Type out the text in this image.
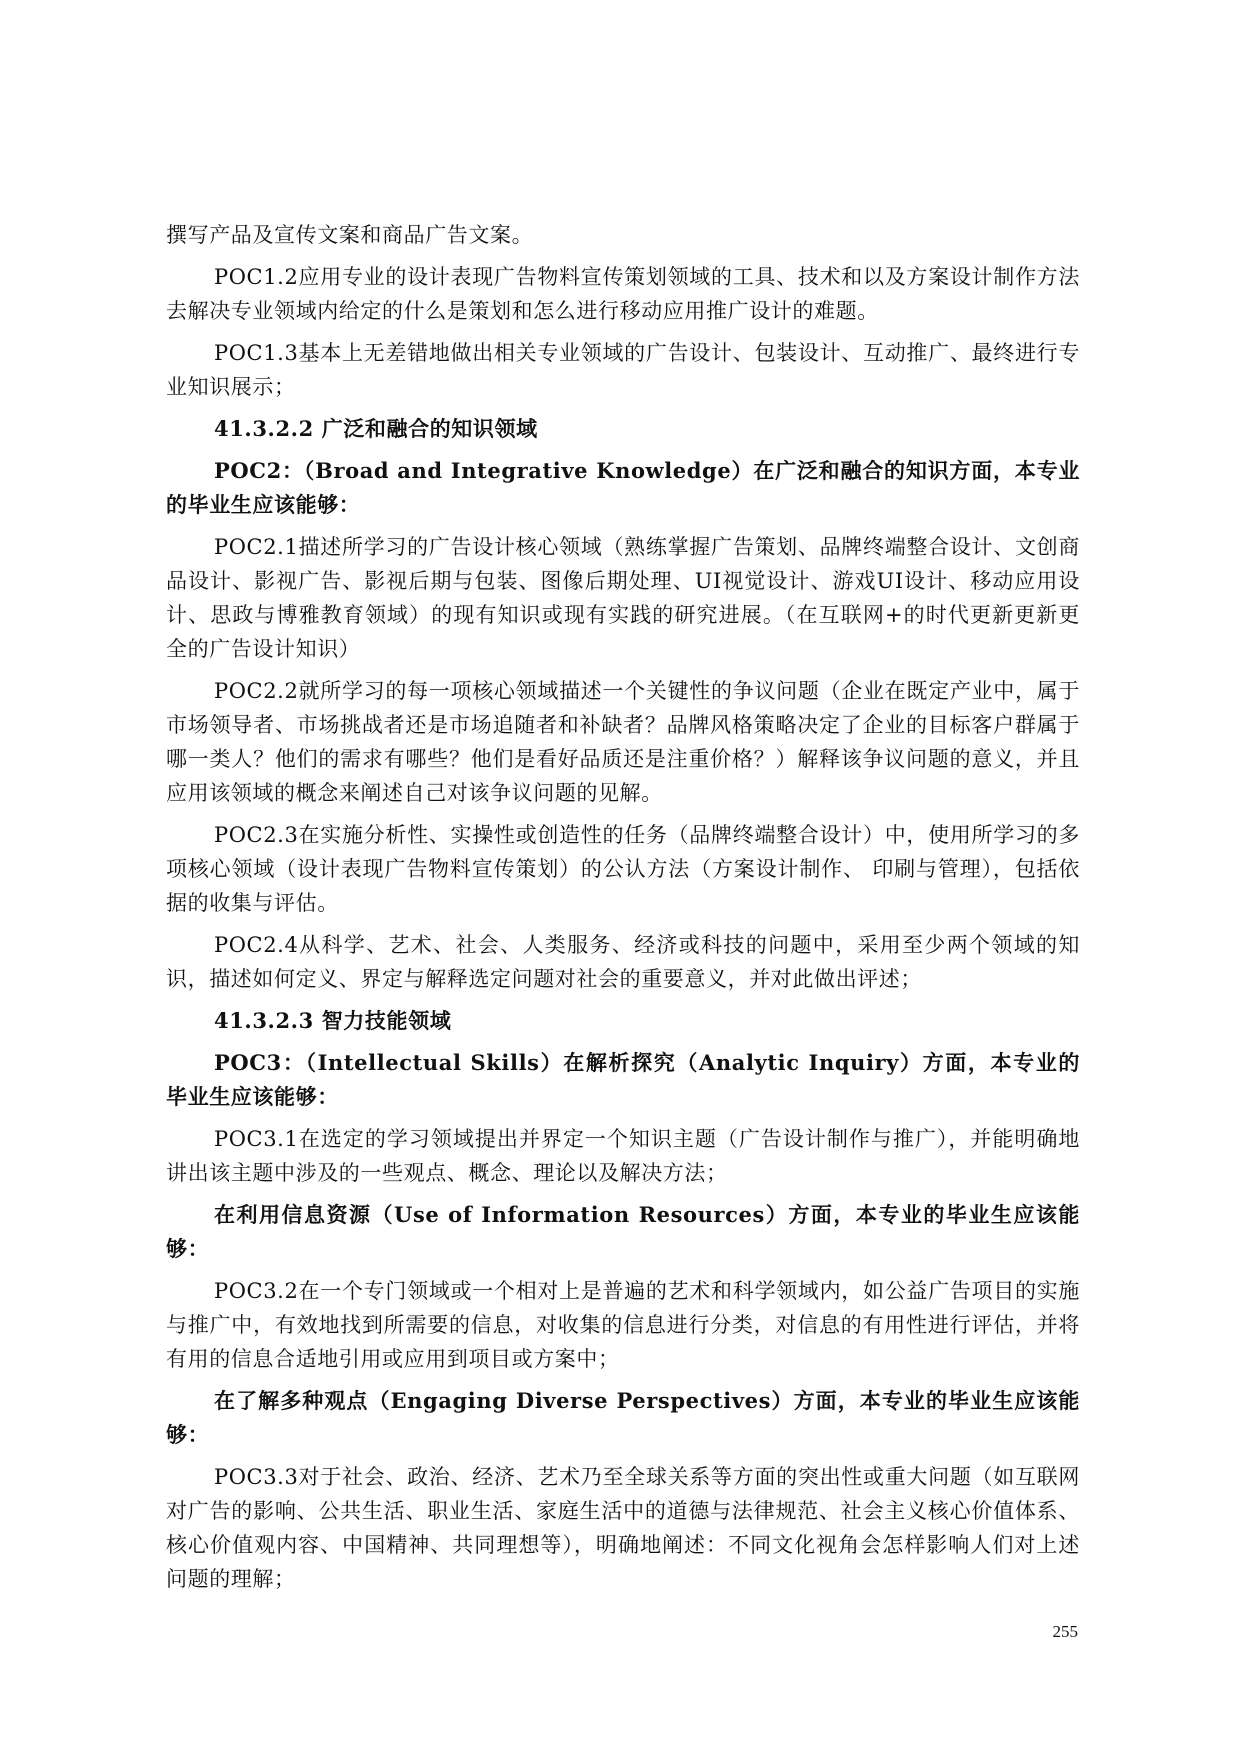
撰写产品及宣传文案和商品广告文案。

POC1.2应用专业的设计表现广告物料宣传策划领域的工具、技术和以及方案设计制作方法去解决专业领域内给定的什么是策划和怎么进行移动应用推广设计的难题。

POC1.3基本上无差错地做出相关专业领域的广告设计、包装设计、互动推广、最终进行专业知识展示；

41.3.2.2 广泛和融合的知识领域

POC2：（Broad and Integrative Knowledge）在广泛和融合的知识方面，本专业的毕业生应该能够：

POC2.1描述所学习的广告设计核心领域（熟练掌握广告策划、品牌终端整合设计、文创商品设计、影视广告、影视后期与包装、图像后期处理、UI视觉设计、游戏UI设计、移动应用设计、思政与博雅教育领域）的现有知识或现有实践的研究进展。（在互联网+的时代更新更新更全的广告设计知识）

POC2.2就所学习的每一项核心领域描述一个关键性的争议问题（企业在既定产业中，属于市场领导者、市场挑战者还是市场追随者和补缺者？品牌风格策略决定了企业的目标客户群属于哪一类人？他们的需求有哪些？他们是看好品质还是注重价格？）解释该争议问题的意义，并且应用该领域的概念来阐述自己对该争议问题的见解。

POC2.3在实施分析性、实操性或创造性的任务（品牌终端整合设计）中，使用所学习的多项核心领域（设计表现广告物料宣传策划）的公认方法（方案设计制作、 印刷与管理），包括依据的收集与评估。

POC2.4从科学、艺术、社会、人类服务、经济或科技的问题中，采用至少两个领域的知识，描述如何定义、界定与解释选定问题对社会的重要意义，并对此做出评述；

41.3.2.3 智力技能领域

POC3：（Intellectual Skills）在解析探究（Analytic Inquiry）方面，本专业的毕业生应该能够：

POC3.1在选定的学习领域提出并界定一个知识主题（广告设计制作与推广），并能明确地讲出该主题中涉及的一些观点、概念、理论以及解决方法；

在利用信息资源（Use of Information Resources）方面，本专业的毕业生应该能够：

POC3.2在一个专门领域或一个相对上是普遍的艺术和科学领域内，如公益广告项目的实施与推广中，有效地找到所需要的信息，对收集的信息进行分类，对信息的有用性进行评估，并将有用的信息合适地引用或应用到项目或方案中；

在了解多种观点（Engaging Diverse Perspectives）方面，本专业的毕业生应该能够：

POC3.3对于社会、政治、经济、艺术乃至全球关系等方面的突出性或重大问题（如互联网对广告的影响、公共生活、职业生活、家庭生活中的道德与法律规范、社会主义核心价值体系、核心价值观内容、中国精神、共同理想等），明确地阐述：不同文化视角会怎样影响人们对上述问题的理解；

255
